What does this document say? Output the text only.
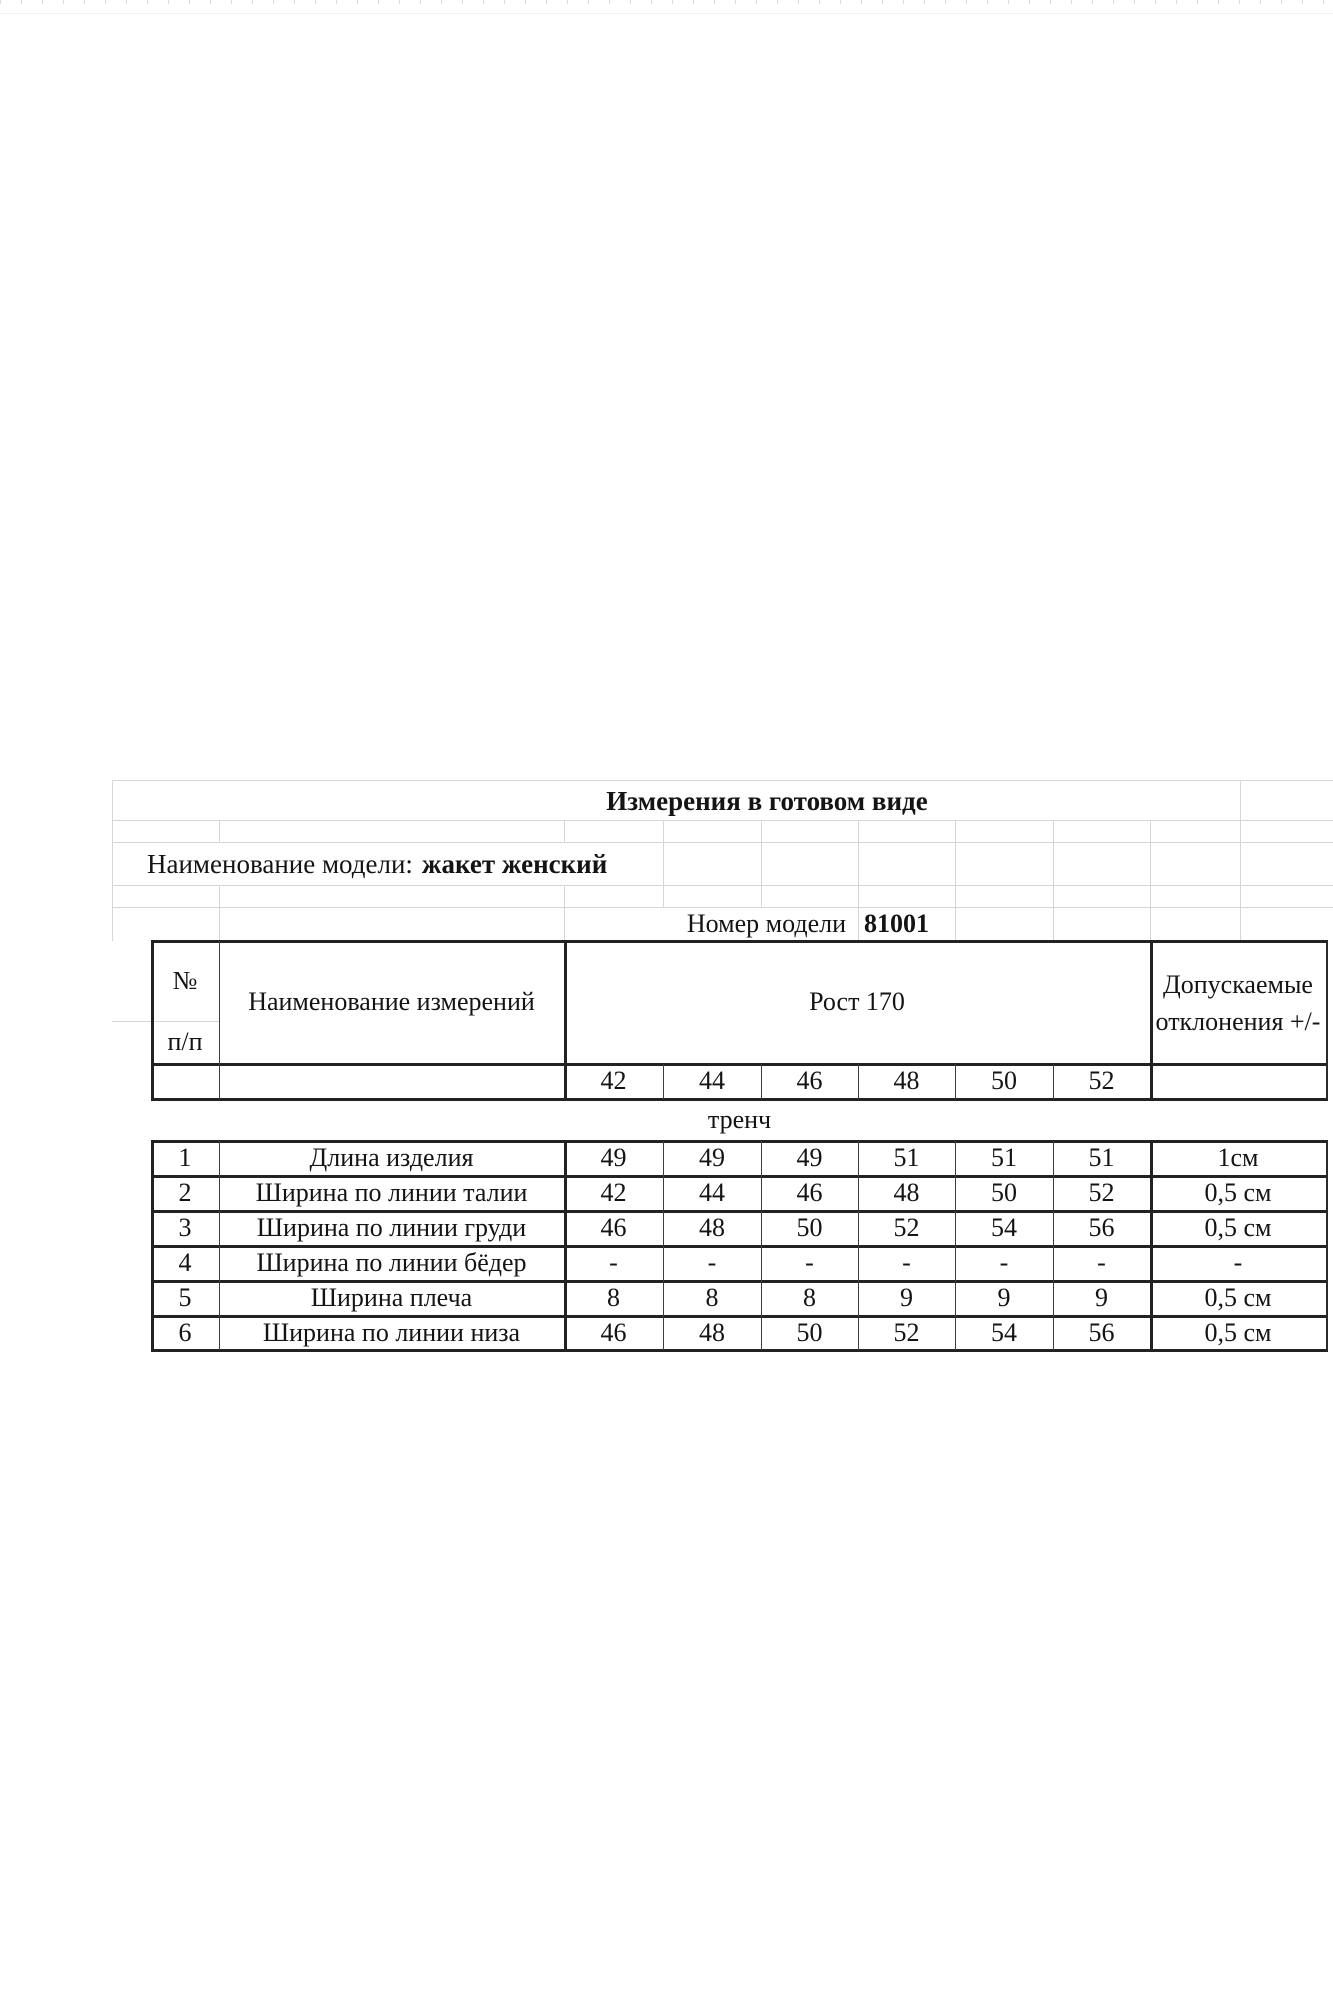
Измерения в готовом виде
Наименование модели: жакет женский
Номер модели 81001
№
п/п
Наименование измерений	Рост 170
Допускаемые
отклонения +/-
42	44	46	48	50	52
тренч
1	Длина изделия	49	49	49	51	51	51	1см
2	Ширина по линии талии	42	44	46	48	50	52	0,5 см
3	Ширина по линии груди	46	48	50	52	54	56	0,5 см
4	Ширина по линии бёдер	-	-	-	-	-	-	-
5	Ширина плеча	8	8	8	9	9	9	0,5 см
6	Ширина по линии низа	46	48	50	52	54	56	0,5 см
